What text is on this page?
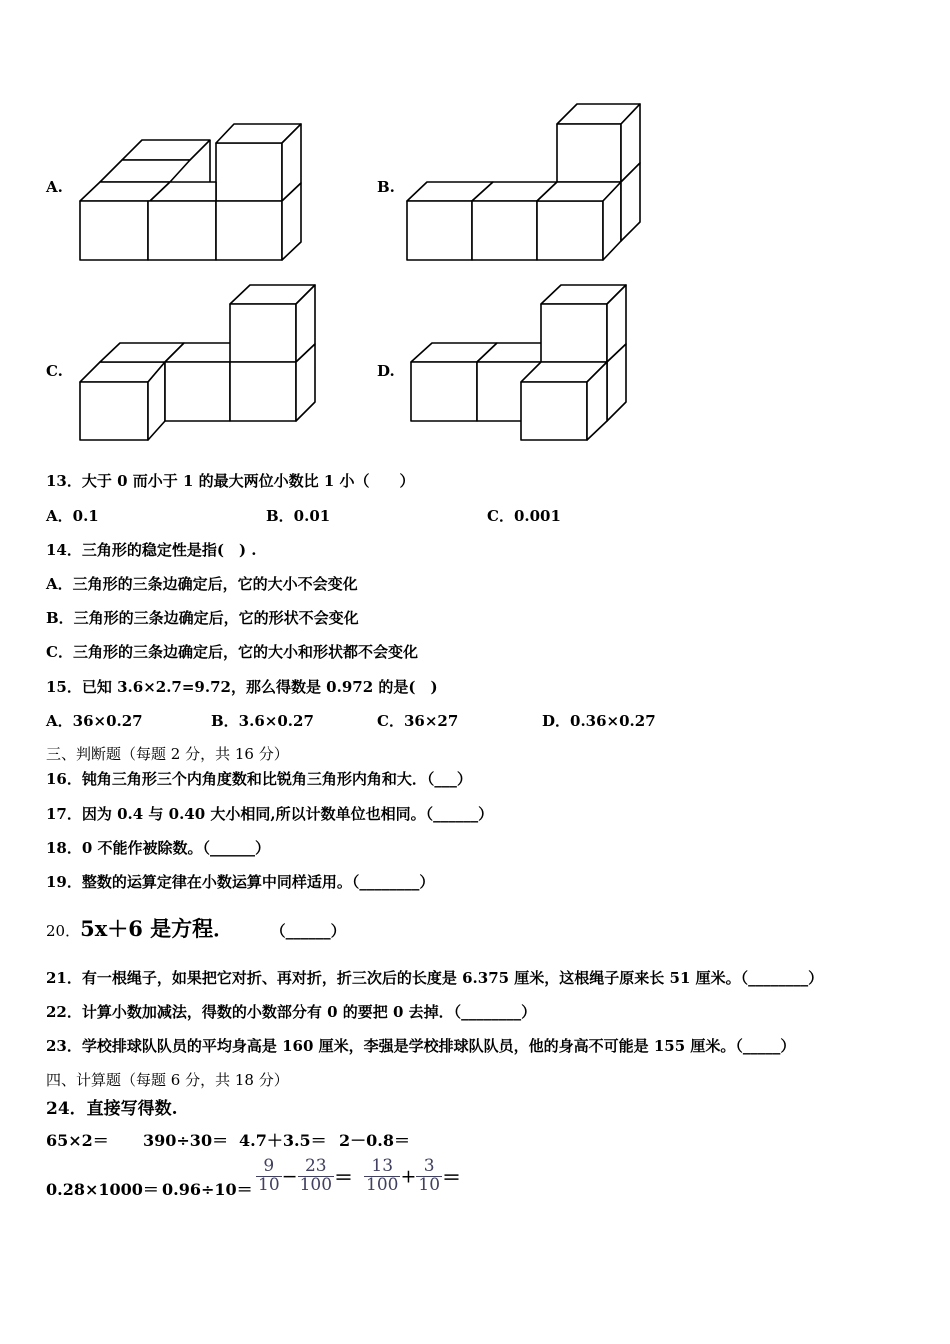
A.	B.
C.	D.
13．大于 0 而小于 1 的最大两位小数比 1 小（　　）
A．0.1	B．0.01	C．0.001
14．三角形的稳定性是指(　) .
A．三角形的三条边确定后，它的大小不会变化
B．三角形的三条边确定后，它的形状不会变化
C．三角形的三条边确定后，它的大小和形状都不会变化
15．已知 3.6×2.7=9.72，那么得数是 0.972 的是(　)
A．36×0.27	B．3.6×0.27	C．36×27	D．0.36×0.27
三、判断题（每题 2 分，共 16 分）
16．钝角三角形三个内角度数和比锐角三角形内角和大．（___）
17．因为 0.4 与 0.40 大小相同,所以计数单位也相同。（______）
18．0 不能作被除数。（______）
19．整数的运算定律在小数运算中同样适用。（________）
20．5x＋6 是方程．	（______）
21．有一根绳子，如果把它对折、再对折，折三次后的长度是 6.375 厘米，这根绳子原来长 51 厘米。（________）
22．计算小数加减法，得数的小数部分有 0 的要把 0 去掉．（________）
23．学校排球队队员的平均身高是 160 厘米，李强是学校排球队队员，他的身高不可能是 155 厘米。（_____）
四、计算题（每题 6 分，共 18 分）
24．直接写得数.
65×2＝ 390÷30＝ 4.7＋3.5＝ 2－0.8＝
$0.28\times 1000= 0.96\div 10= \frac{9}{10} - \frac{23}{100} = \frac{13}{100} + \frac{3}{10}$ ＝
